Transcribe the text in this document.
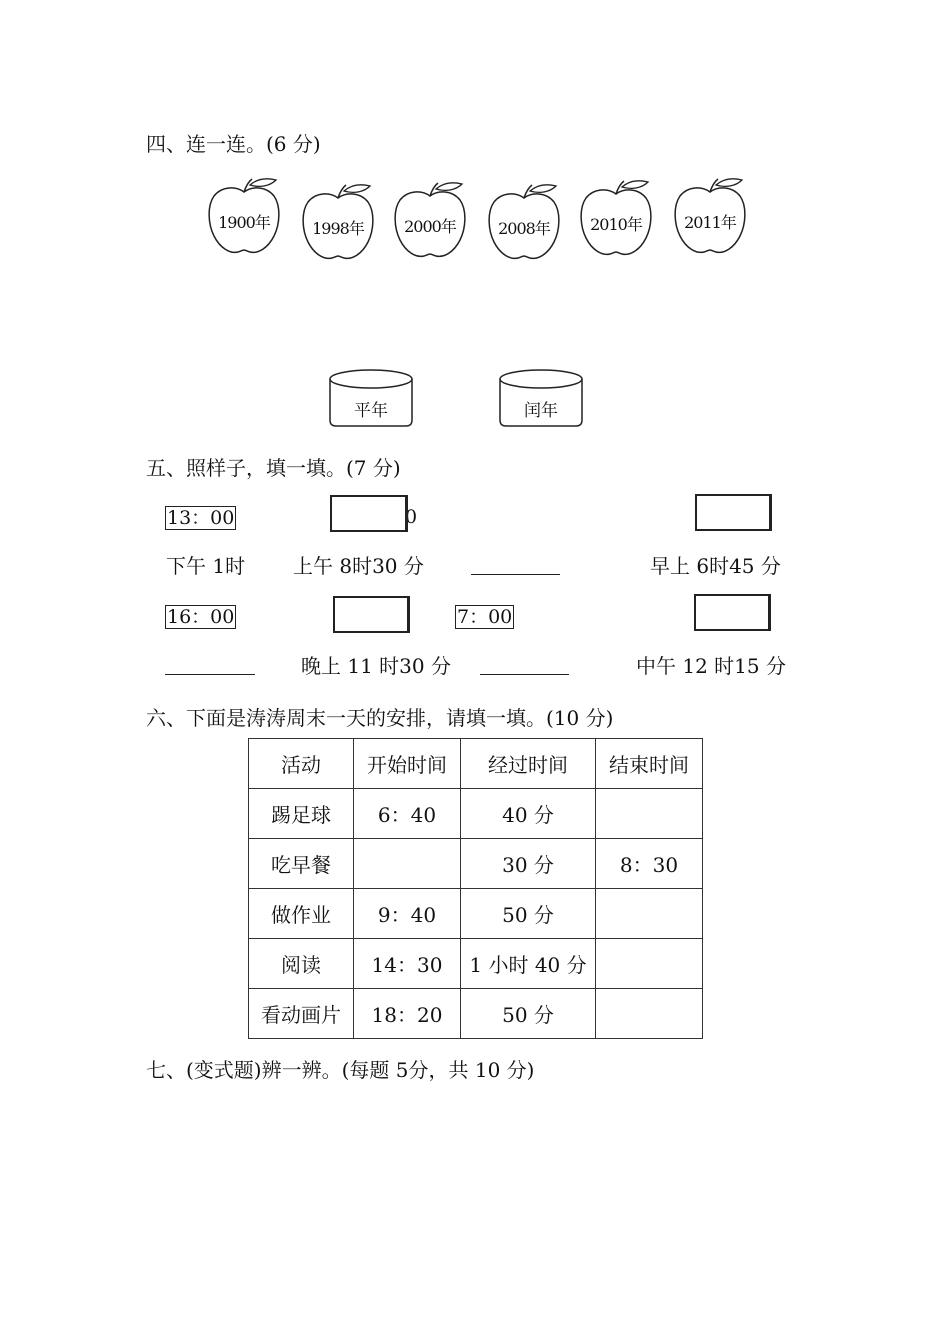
四、连一连。(6 分)
1900年	1998年	2000年	2008年	2010年	2011年
平年	闰年
五、照样子，填一填。(7 分)
13：00	0
下午 1时 上午 8时30 分	早上 6时45 分
16：00	7：00
晚上 11 时30 分	中午 12 时15 分
六、下面是涛涛周末一天的安排，请填一填。(10 分)
活动	开始时间	经过时间	结束时间
踢足球	6：40	40 分	
吃早餐		30 分	8：30
做作业	9：40	50 分	
阅读	14：30	1 小时 40 分	
看动画片	18：20	50 分	
七、(变式题)辨一辨。(每题 5分，共 10 分)
